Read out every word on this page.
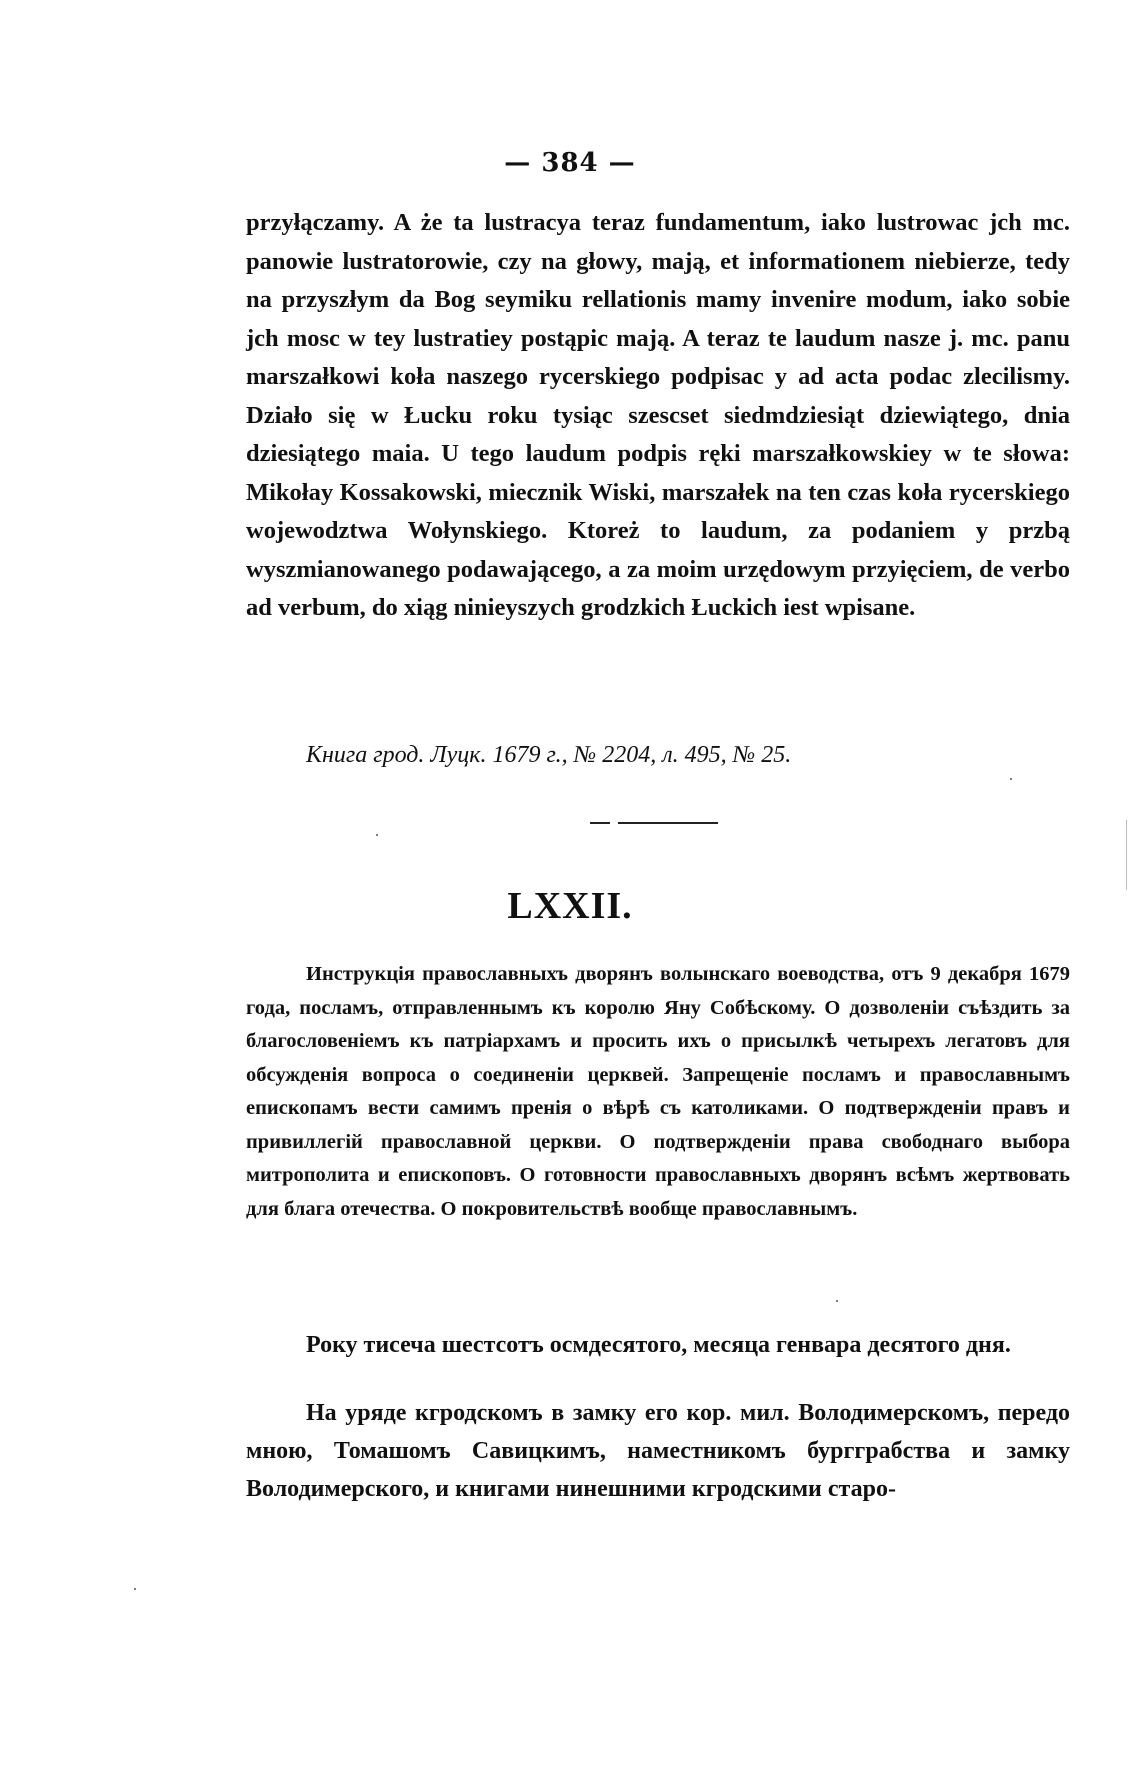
— 384 —

przyłączamy. A że ta lustracya teraz fundamentum, iako lustrowac jch mc. panowie lustratorowie, czy na głowy, mają, et informationem niebierze, tedy na przyszłym da Bog seymiku rellationis mamy invenire modum, iako sobie jch mosc w tey lustratiey postąpic mają. A teraz te laudum nasze j. mc. panu marszałkowi koła naszego rycerskiego podpisac y ad acta podac zlecilismy. Działo się w Łucku roku tysiąc szescset siedmdziesiąt dziewiątego, dnia dziesiątego maia. U tego laudum podpis ręki marszałkowskiey w te słowa: Mikołay Kossakowski, miecznik Wiski, marszałek na ten czas koła rycerskiego wojewodztwa Wołynskiego. Ktoreż to laudum, za podaniem y przbą wyszmianowanego podawającego, a za moim urzędowym przyięciem, de verbo ad verbum, do xiąg niniеyszych grodzkich Łuckich iest wpisane.

Книга грод. Луцк. 1679 г., № 2204, л. 495, № 25.
LXXII.

Инструкція православныхъ дворянъ волынскаго воеводства, отъ 9 декабря 1679 года, посламъ, отправленнымъ къ королю Яну Собѣскому. О дозволеніи съѣздить за благословеніемъ къ патріархамъ и просить ихъ о присылкѣ четырехъ легатовъ для обсужденія вопроса о соединеніи церквей. Запрещеніе посламъ и православнымъ епископамъ вести самимъ пренія о вѣрѣ съ католиками. О подтвержденіи правъ и привиллегій православной церкви. О подтвержденіи права свободнаго выбора митрополита и епископовъ. О готовности православныхъ дворянъ всѣмъ жертвовать для блага отечества. О покровительствѣ вообще православнымъ.

Року тисеча шестсотъ осмдесятого, месяца генвара десятого дня.

На уряде кгродскомъ в замку его кор. мил. Володимерскомъ, передо мною, Томашомъ Савицкимъ, наместникомъ бургграбства и замку Володимерского, и книгами нинешними кгродскими старо-
